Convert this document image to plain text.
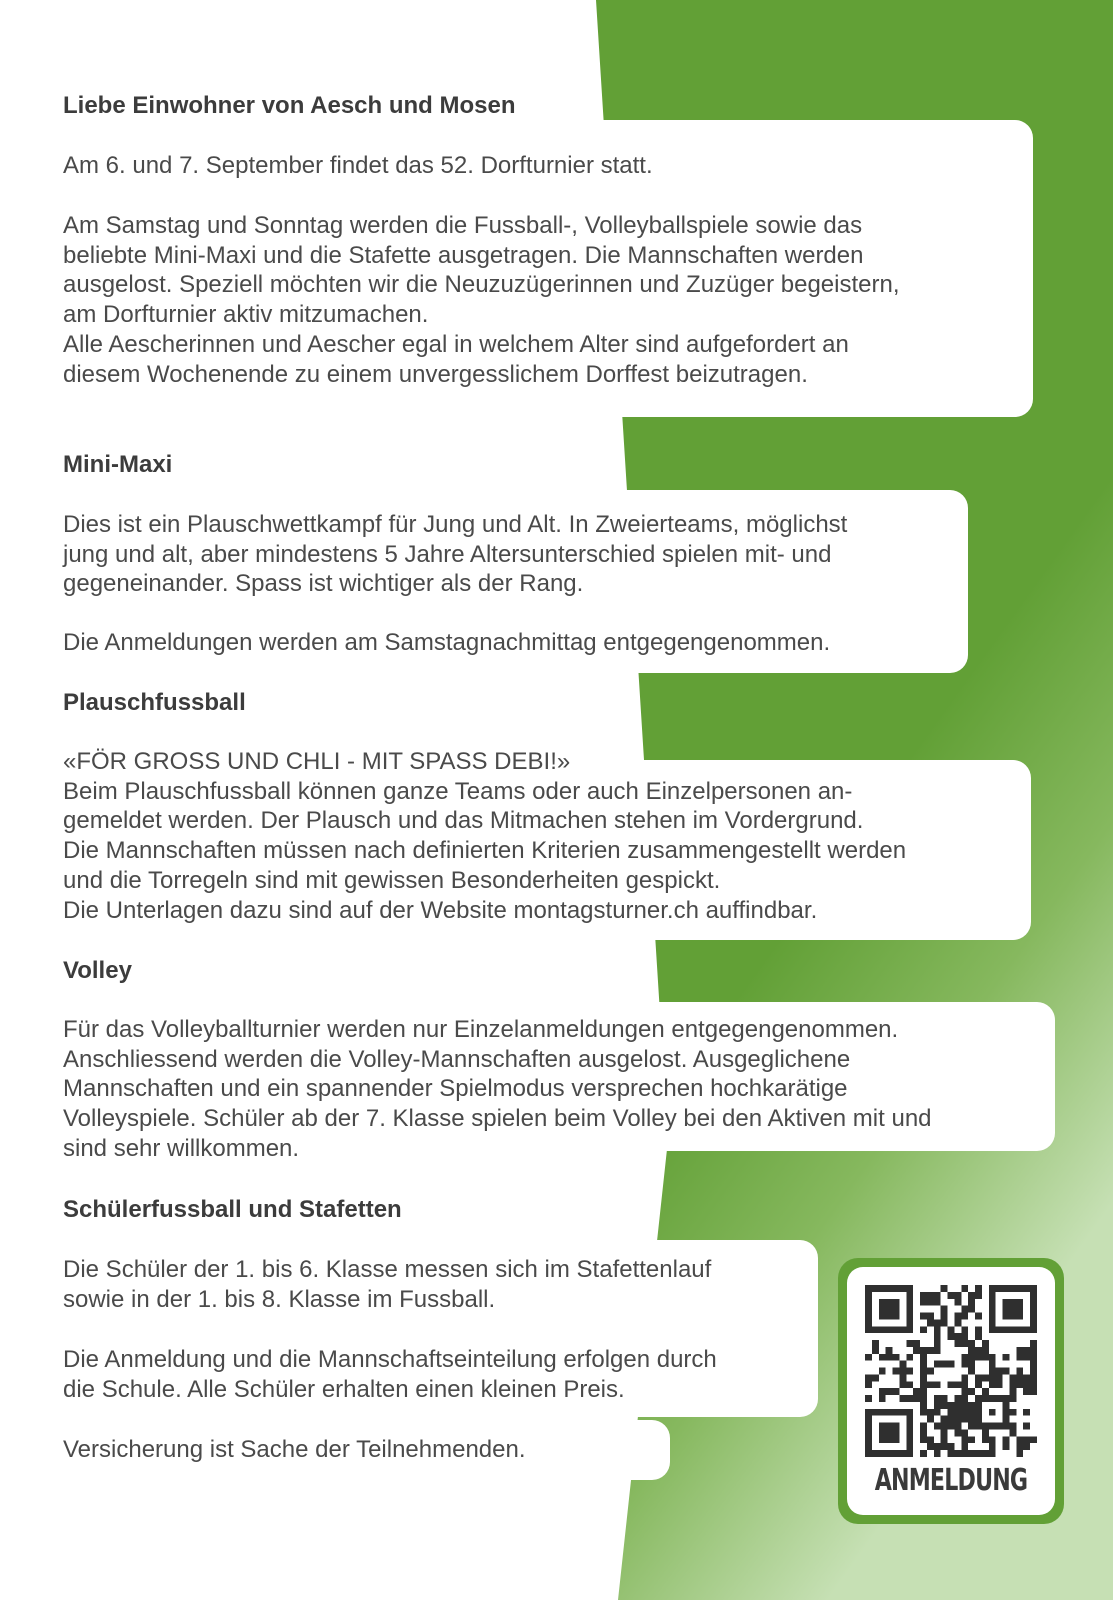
Liebe Einwohner von Aesch und Mosen
Am 6. und 7. September findet das 52. Dorfturnier statt.
Am Samstag und Sonntag werden die Fussball-, Volleyballspiele sowie das
beliebte Mini-Maxi und die Stafette ausgetragen. Die Mannschaften werden
ausgelost. Speziell möchten wir die Neuzuzügerinnen und Zuzüger begeistern,
am Dorfturnier aktiv mitzumachen.
Alle Aescherinnen und Aescher egal in welchem Alter sind aufgefordert an
diesem Wochenende zu einem unvergesslichem Dorffest beizutragen.
Mini-Maxi
Dies ist ein Plauschwettkampf für Jung und Alt. In Zweierteams, möglichst
jung und alt, aber mindestens 5 Jahre Altersunterschied spielen mit- und
gegeneinander. Spass ist wichtiger als der Rang.
Die Anmeldungen werden am Samstagnachmittag entgegengenommen.
Plauschfussball
«FÖR GROSS UND CHLI - MIT SPASS DEBI!»
Beim Plauschfussball können ganze Teams oder auch Einzelpersonen an-
gemeldet werden. Der Plausch und das Mitmachen stehen im Vordergrund.
Die Mannschaften müssen nach definierten Kriterien zusammengestellt werden
und die Torregeln sind mit gewissen Besonderheiten gespickt.
Die Unterlagen dazu sind auf der Website montagsturner.ch auffindbar.
Volley
Für das Volleyballturnier werden nur Einzelanmeldungen entgegengenommen.
Anschliessend werden die Volley-Mannschaften ausgelost. Ausgeglichene
Mannschaften und ein spannender Spielmodus versprechen hochkarätige
Volleyspiele. Schüler ab der 7. Klasse spielen beim Volley bei den Aktiven mit und
sind sehr willkommen.
Schülerfussball und Stafetten
Die Schüler der 1. bis 6. Klasse messen sich im Stafettenlauf
sowie in der 1. bis 8. Klasse im Fussball.
Die Anmeldung und die Mannschaftseinteilung erfolgen durch
die Schule. Alle Schüler erhalten einen kleinen Preis.
Versicherung ist Sache der Teilnehmenden.
ANMELDUNG
